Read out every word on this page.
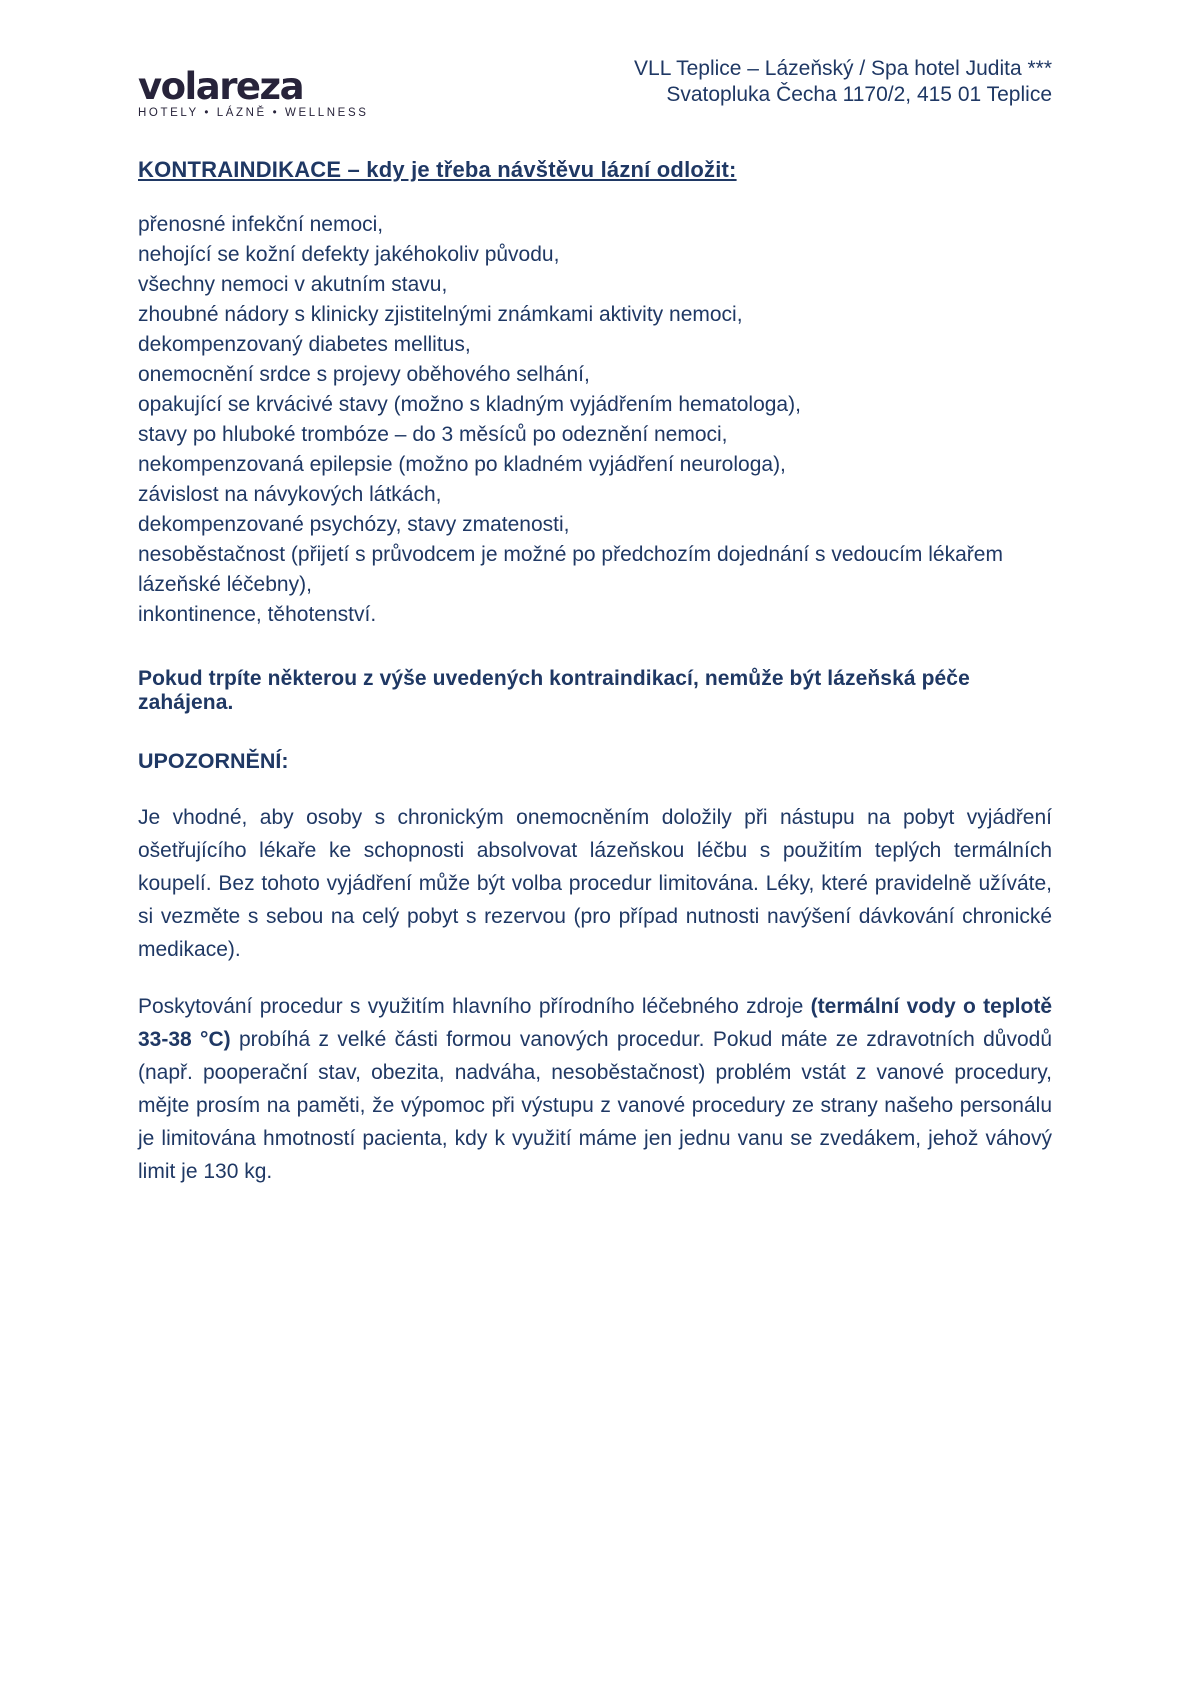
volareza
HOTELY • LÁZNĚ • WELLNESS
VLL Teplice – Lázeňský / Spa hotel Judita ***
Svatopluka Čecha 1170/2, 415 01 Teplice
KONTRAINDIKACE – kdy je třeba návštěvu lázní odložit:
přenosné infekční nemoci,
nehojící se kožní defekty jakéhokoliv původu,
všechny nemoci v akutním stavu,
zhoubné nádory s klinicky zjistitelnými známkami aktivity nemoci,
dekompenzovaný diabetes mellitus,
onemocnění srdce s projevy oběhového selhání,
opakující se krvácivé stavy (možno s kladným vyjádřením hematologa),
stavy po hluboké trombóze – do 3 měsíců po odeznění nemoci,
nekompenzovaná epilepsie (možno po kladném vyjádření neurologa),
závislost na návykových látkách,
dekompenzované psychózy, stavy zmatenosti,
nesoběstačnost (přijetí s průvodcem je možné po předchozím dojednání s vedoucím lékařem lázeňské léčebny),
inkontinence, těhotenství.
Pokud trpíte některou z výše uvedených kontraindikací, nemůže být lázeňská péče zahájena.
UPOZORNĚNÍ:

Je vhodné, aby osoby s chronickým onemocněním doložily při nástupu na pobyt vyjádření ošetřujícího lékaře ke schopnosti absolvovat lázeňskou léčbu s použitím teplých termálních koupelí. Bez tohoto vyjádření může být volba procedur limitována. Léky, které pravidelně užíváte, si vezměte s sebou na celý pobyt s rezervou (pro případ nutnosti navýšení dávkování chronické medikace).

Poskytování procedur s využitím hlavního přírodního léčebného zdroje (termální vody o teplotě 33-38 °C) probíhá z velké části formou vanových procedur. Pokud máte ze zdravotních důvodů (např. pooperační stav, obezita, nadváha, nesoběstačnost) problém vstát z vanové procedury, mějte prosím na paměti, že výpomoc při výstupu z vanové procedury ze strany našeho personálu je limitována hmotností pacienta, kdy k využití máme jen jednu vanu se zvedákem, jehož váhový limit je 130 kg.
